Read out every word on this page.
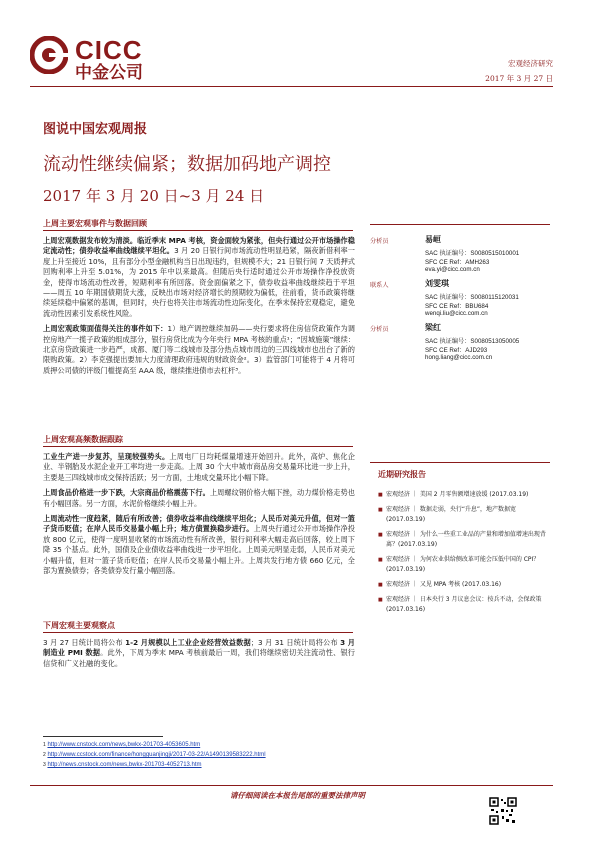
CICC
中金公司	宏观经济研究
2017 年 3 月 27 日
图说中国宏观周报
流动性继续偏紧；数据加码地产调控
2017 年 3 月 20 日~3 月 24 日
上周主要宏观事件与数据回顾

上周宏观数据发布较为清淡。临近季末 MPA 考核，资金面较为紧张，但央行通过公开市场操作稳定流动性；债券收益率曲线继续平坦化。3 月 20 日银行间市场流动性明显趋紧，隔夜新借利率一度上升至接近 10%，且有部分小型金融机构当日出现违约，但规模不大；21 日银行间 7 天质押式回购利率上升至 5.01%，为 2015 年中以来最高。但随后央行适时通过公开市场操作净投放资金，使得市场流动性改善，短期利率有所回落。资金面偏紧之下，债券收益率曲线继续趋于平坦——周五 10 年期国债期货大涨，反映出市场对经济增长的预期较为偏低，往前看，货币政策将继续延续稳中偏紧的基调，但同时，央行也将关注市场流动性边际变化，在季末保持宏观稳定，避免流动性因素引发系统性风险。

上周宏观政策面值得关注的事件如下：1）地产调控继续加码——央行要求将住房信贷政策作为调控房地产一揽子政策的组成部分，银行房贷比成为今年央行 MPA 考核的重点¹；“因城施策”继续：北京房贷政策进一步趋严，成都、厦门等二线城市及部分热点城市周边的三四线城市也出台了新的限购政策。2）李克强提出要加大力度清理政府违规的财政资金²。3）监管部门可能将于 4 月将可质押公司债的评级门槛提高至 AAA 级，继续推进债市去杠杆³。

上周宏观高频数据跟踪

工业生产进一步复苏，呈现较强势头。上周电厂日均耗煤量增速开始回升。此外，高炉、焦化企业、半钢胎及水泥企业开工率均进一步走高。上周 30 个大中城市商品房交易量环比进一步上升，主要是三四线城市成交保持活跃；另一方面，土地成交量环比小幅下降。

上周食品价格进一步下跌，大宗商品价格震荡下行。上周螺纹钢价格大幅下挫，动力煤价格走势也有小幅回落。另一方面，水泥价格继续小幅上升。

上周流动性一度趋紧，随后有所改善；债券收益率曲线继续平坦化；人民币对美元升值，但对一篮子货币贬值；在岸人民币交易量小幅上升；地方债置换稳步进行。上周央行通过公开市场操作净投放 800 亿元，使得一度明显收紧的市场流动性有所改善，银行间利率大幅走高后回落，较上周下降 35 个基点。此外，国债及企业债收益率曲线进一步平坦化。上周美元明显走弱，人民币对美元小幅升值，但对一篮子货币贬值；在岸人民币交易量小幅上升。上周共发行地方债 660 亿元，全部为置换债券；各类债券发行量小幅回落。

下周宏观主要观察点

3 月 27 日统计局将公布 1-2 月规模以上工业企业经营效益数据；3 月 31 日统计局将公布 3 月制造业 PMI 数据。此外，下周为季末 MPA 考核前最后一周，我们将继续密切关注流动性、银行信贷和广义社融的变化。

分析员	易峘
SAC 执证编号：S0080515010001
SFC CE Ref：AMH263
eva.yi@cicc.com.cn
联系人	刘雯琪
SAC 执证编号：S0080115120031
SFC CE Ref：BBU684
wenqi.liu@cicc.com.cn
分析员	梁红
SAC 执证编号：S0080513050005
SFC CE Ref：AJD293
hong.liang@cicc.com.cn
近期研究报告
■ 宏观经济 ｜ 美国 2 月零售额增速放缓 (2017.03.19)
■ 宏观经济 ｜ 数据走弱，央行“升息”，地产数据宽 (2017.03.19)
■ 宏观经济 ｜ 为什么一些重工业品的产量和增加值增速出现背离？(2017.03.19)
■ 宏观经济 ｜ 为何农业供给侧改革可能会压低中国的 CPI？(2017.03.19)
■ 宏观经济 ｜ 又见 MPA 考核 (2017.03.16)
■ 宏观经济 ｜ 日本央行 3 月议息会议：按兵不动，会保政策 (2017.03.16)
$^1$ http://www.cnstock.com/news,bwkx-201703-4053605.htm
$^2$ http://www.ccstock.com/finance/hongguanjingji/2017-03-22/A1490139583222.html
$^3$ http://news.cnstock.com/news,bwkx-201703-4052713.htm
请仔细阅读在本报告尾部的重要法律声明
